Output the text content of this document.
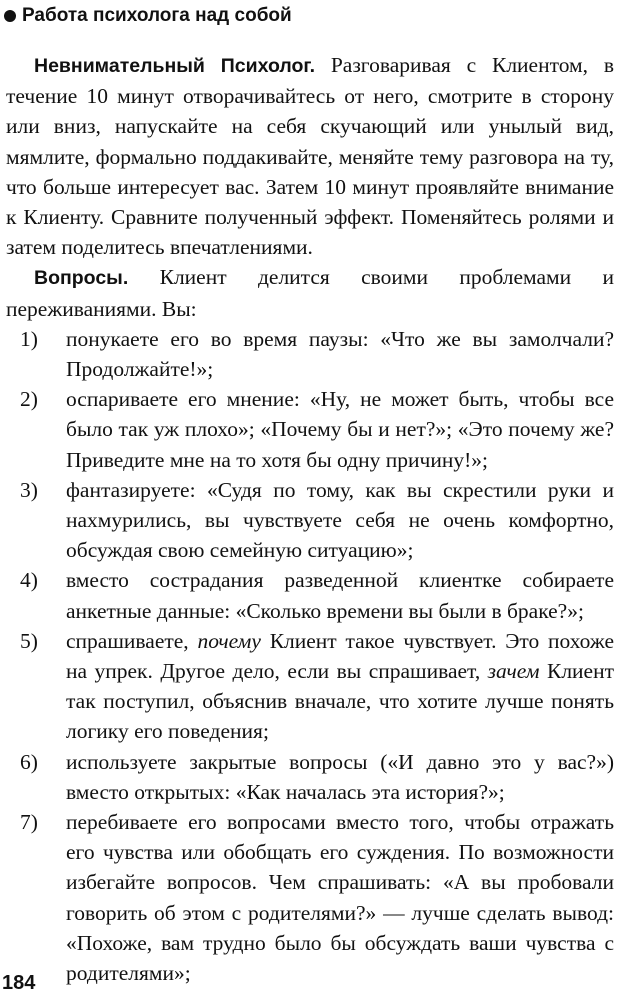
Работа психолога над собой

Невнимательный Психолог. Разговаривая с Клиентом, в течение 10 минут отворачивайтесь от него, смотрите в сторону или вниз, напускайте на себя скучающий или унылый вид, мямлите, формально поддакивайте, меняйте тему разговора на ту, что больше интересует вас. Затем 10 минут проявляйте внимание к Клиенту. Сравните полученный эффект. Поменяйтесь ролями и затем поделитесь впечатлениями.

Вопросы. Клиент делится своими проблемами и переживаниями. Вы:

1)	понукаете его во время паузы: «Что же вы замолчали? Продолжайте!»;
2)	оспариваете его мнение: «Ну, не может быть, чтобы все было так уж плохо»; «Почему бы и нет?»; «Это почему же? Приведите мне на то хотя бы одну причину!»;
3)	фантазируете: «Судя по тому, как вы скрестили руки и нахмурились, вы чувствуете себя не очень комфортно, обсуждая свою семейную ситуацию»;
4)	вместо сострадания разведенной клиентке собираете анкетные данные: «Сколько времени вы были в браке?»;
5)	спрашиваете, почему Клиент такое чувствует. Это похоже на упрек. Другое дело, если вы спрашивает, зачем Клиент так поступил, объяснив вначале, что хотите лучше понять логику его поведения;
6)	используете закрытые вопросы («И давно это у вас?») вместо открытых: «Как началась эта история?»;
7)	перебиваете его вопросами вместо того, чтобы отражать его чувства или обобщать его суждения. По возможности избегайте вопросов. Чем спрашивать: «А вы пробовали говорить об этом с родителями?» — лучше сделать вывод: «Похоже, вам трудно было бы обсуждать ваши чувства с родителями»;
184
